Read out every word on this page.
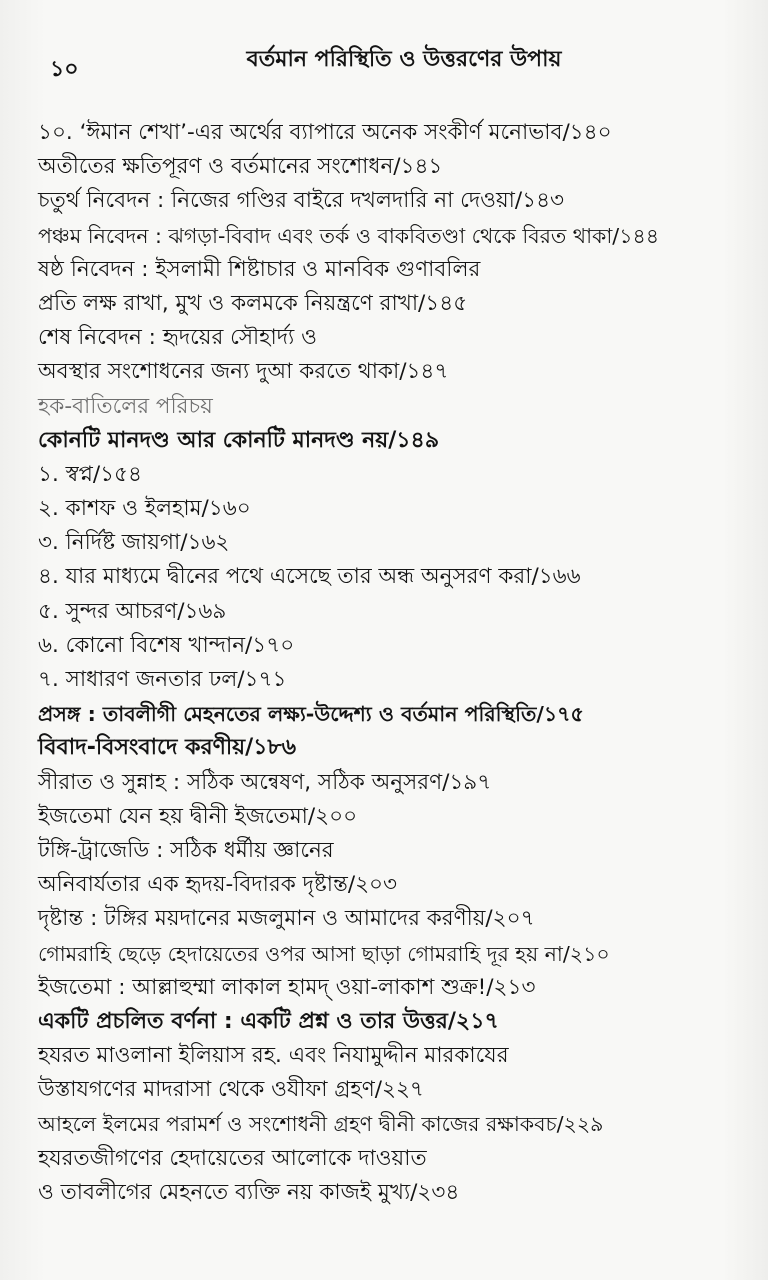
১০	বর্তমান পরিস্থিতি ও উত্তরণের উপায়
১০. ‘ঈমান শেখা’-এর অর্থের ব্যাপারে অনেক সংকীর্ণ মনোভাব/১৪০
অতীতের ক্ষতিপূরণ ও বর্তমানের সংশোধন/১৪১
চতুর্থ নিবেদন : নিজের গণ্ডির বাইরে দখলদারি না দেওয়া/১৪৩
পঞ্চম নিবেদন : ঝগড়া-বিবাদ এবং তর্ক ও বাকবিতণ্ডা থেকে বিরত থাকা/১৪৪
ষষ্ঠ নিবেদন : ইসলামী শিষ্টাচার ও মানবিক গুণাবলির
প্রতি লক্ষ রাখা, মুখ ও কলমকে নিয়ন্ত্রণে রাখা/১৪৫
শেষ নিবেদন : হৃদয়ের সৌহার্দ্য ও
অবস্থার সংশোধনের জন্য দুআ করতে থাকা/১৪৭
হক-বাতিলের পরিচয়
কোনটি মানদণ্ড আর কোনটি মানদণ্ড নয়/১৪৯
১. স্বপ্ন/১৫৪
২. কাশফ ও ইলহাম/১৬০
৩. নির্দিষ্ট জায়গা/১৬২
৪. যার মাধ্যমে দ্বীনের পথে এসেছে তার অন্ধ অনুসরণ করা/১৬৬
৫. সুন্দর আচরণ/১৬৯
৬. কোনো বিশেষ খান্দান/১৭০
৭. সাধারণ জনতার ঢল/১৭১
প্রসঙ্গ : তাবলীগী মেহনতের লক্ষ্য-উদ্দেশ্য ও বর্তমান পরিস্থিতি/১৭৫
বিবাদ-বিসংবাদে করণীয়/১৮৬
সীরাত ও সুন্নাহ : সঠিক অন্বেষণ, সঠিক অনুসরণ/১৯৭
ইজতেমা যেন হয় দ্বীনী ইজতেমা/২০০
টঙ্গি-ট্রাজেডি : সঠিক ধর্মীয় জ্ঞানের
অনিবার্যতার এক হৃদয়-বিদারক দৃষ্টান্ত/২০৩
দৃষ্টান্ত : টঙ্গির ময়দানের মজলুমান ও আমাদের করণীয়/২০৭
গোমরাহি ছেড়ে হেদায়েতের ওপর আসা ছাড়া গোমরাহি দূর হয় না/২১০
ইজতেমা : আল্লাহুম্মা লাকাল হামদ্ ওয়া-লাকাশ শুক্র!/২১৩
একটি প্রচলিত বর্ণনা : একটি প্রশ্ন ও তার উত্তর/২১৭
হযরত মাওলানা ইলিয়াস রহ. এবং নিযামুদ্দীন মারকাযের
উস্তাযগণের মাদরাসা থেকে ওযীফা গ্রহণ/২২৭
আহলে ইলমের পরামর্শ ও সংশোধনী গ্রহণ দ্বীনী কাজের রক্ষাকবচ/২২৯
হযরতজীগণের হেদায়েতের আলোকে দাওয়াত
ও তাবলীগের মেহনতে ব্যক্তি নয় কাজই মুখ্য/২৩৪
